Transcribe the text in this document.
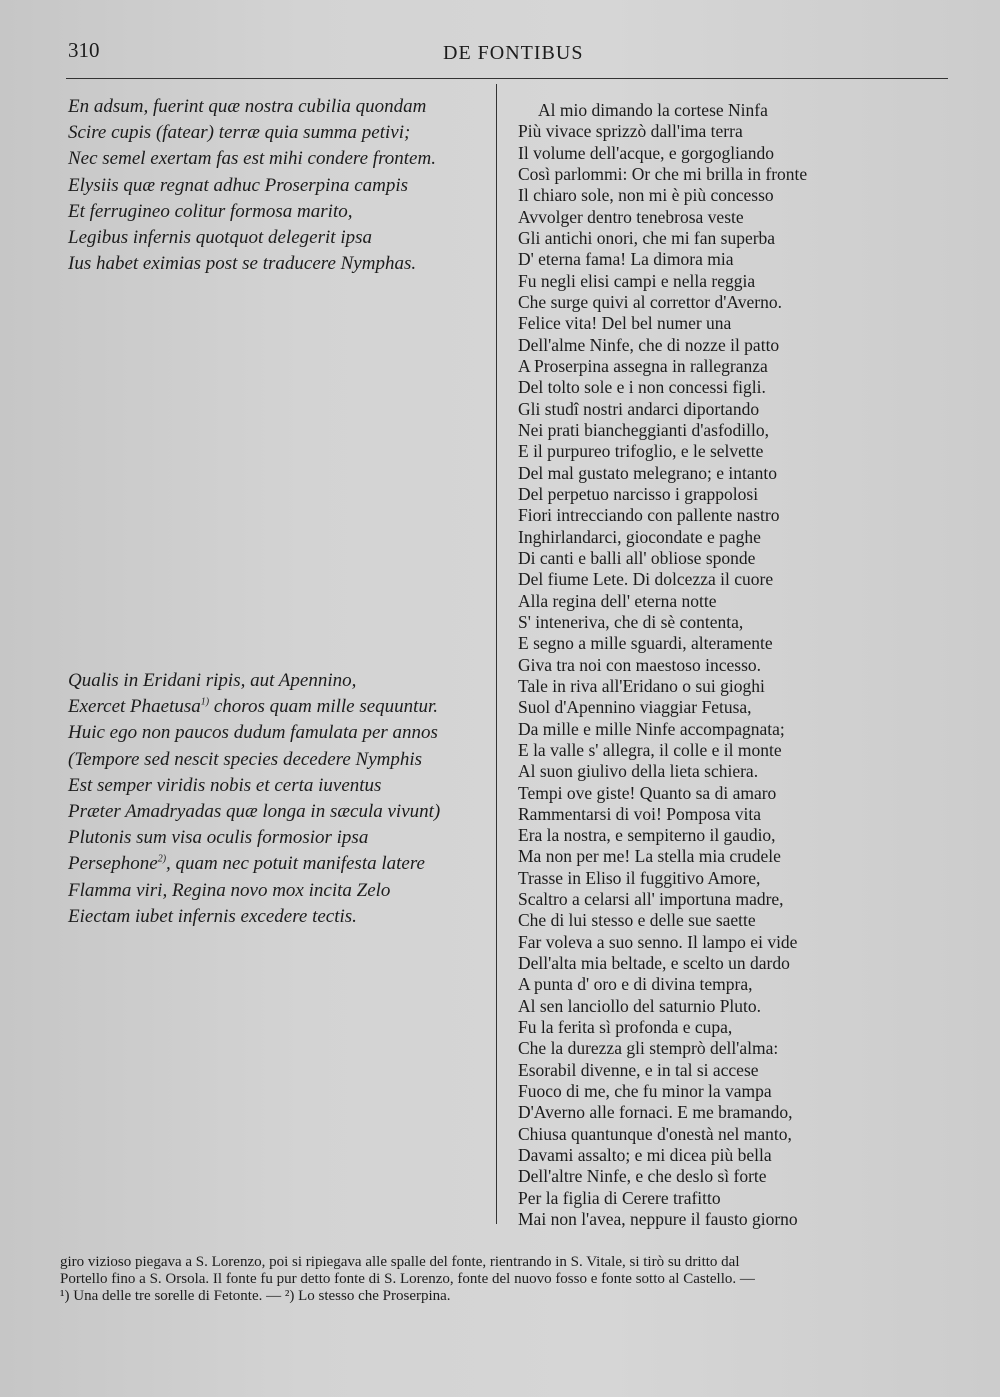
310	DE FONTIBUS
En adsum, fuerint quæ nostra cubilia quondam
Scire cupis (fatear) terræ quia summa petivi;
Nec semel exertam fas est mihi condere frontem.
Elysiis quæ regnat adhuc Proserpina campis
Et ferrugineo colitur formosa marito,
Legibus infernis quotquot delegerit ipsa
Ius habet eximias post se traducere Nymphas.
Qualis in Eridani ripis, aut Apennino,
Exercet Phaetusa$^{1)}$ choros quam mille sequuntur.
Huic ego non paucos dudum famulata per annos
(Tempore sed nescit species decedere Nymphis
Est semper viridis nobis et certa iuventus
Præter Amadryadas quæ longa in sæcula vivunt)
Plutonis sum visa oculis formosior ipsa
Persephone$^{2)}$, quam nec potuit manifesta latere
Flamma viri, Regina novo mox incita Zelo
Eiectam iubet infernis excedere tectis.
Al mio dimando la cortese Ninfa
Più vivace sprizzò dall'ima terra
Il volume dell'acque, e gorgogliando
Così parlommi: Or che mi brilla in fronte
Il chiaro sole, non mi è più concesso
Avvolger dentro tenebrosa veste
Gli antichi onori, che mi fan superba
D' eterna fama! La dimora mia
Fu negli elisi campi e nella reggia
Che surge quivi al correttor d'Averno.
Felice vita! Del bel numer una
Dell'alme Ninfe, che di nozze il patto
A Proserpina assegna in rallegranza
Del tolto sole e i non concessi figli.
Gli studî nostri andarci diportando
Nei prati biancheggianti d'asfodillo,
E il purpureo trifoglio, e le selvette
Del mal gustato melegrano; e intanto
Del perpetuo narcisso i grappolosi
Fiori intrecciando con pallente nastro
Inghirlandarci, giocondate e paghe
Di canti e balli all' obliose sponde
Del fiume Lete. Di dolcezza il cuore
Alla regina dell' eterna notte
S' inteneriva, che di sè contenta,
E segno a mille sguardi, alteramente
Giva tra noi con maestoso incesso.
Tale in riva all'Eridano o sui gioghi
Suol d'Apennino viaggiar Fetusa,
Da mille e mille Ninfe accompagnata;
E la valle s' allegra, il colle e il monte
Al suon giulivo della lieta schiera.
Tempi ove giste! Quanto sa di amaro
Rammentarsi di voi! Pomposa vita
Era la nostra, e sempiterno il gaudio,
Ma non per me! La stella mia crudele
Trasse in Eliso il fuggitivo Amore,
Scaltro a celarsi all' importuna madre,
Che di lui stesso e delle sue saette
Far voleva a suo senno. Il lampo ei vide
Dell'alta mia beltade, e scelto un dardo
A punta d' oro e di divina tempra,
Al sen lanciollo del saturnio Pluto.
Fu la ferita sì profonda e cupa,
Che la durezza gli stemprò dell'alma:
Esorabil divenne, e in tal si accese
Fuoco di me, che fu minor la vampa
D'Averno alle fornaci. E me bramando,
Chiusa quantunque d'onestà nel manto,
Davami assalto; e mi dicea più bella
Dell'altre Ninfe, e che deslo sì forte
Per la figlia di Cerere trafitto
Mai non l'avea, neppure il fausto giorno

giro vizioso piegava a S. Lorenzo, poi si ripiegava alle spalle del fonte, rientrando in S. Vitale, si tirò su dritto dal

Portello fino a S. Orsola. Il fonte fu pur detto fonte di S. Lorenzo, fonte del nuovo fosso e fonte sotto al Castello. —

¹) Una delle tre sorelle di Fetonte. — ²) Lo stesso che Proserpina.
